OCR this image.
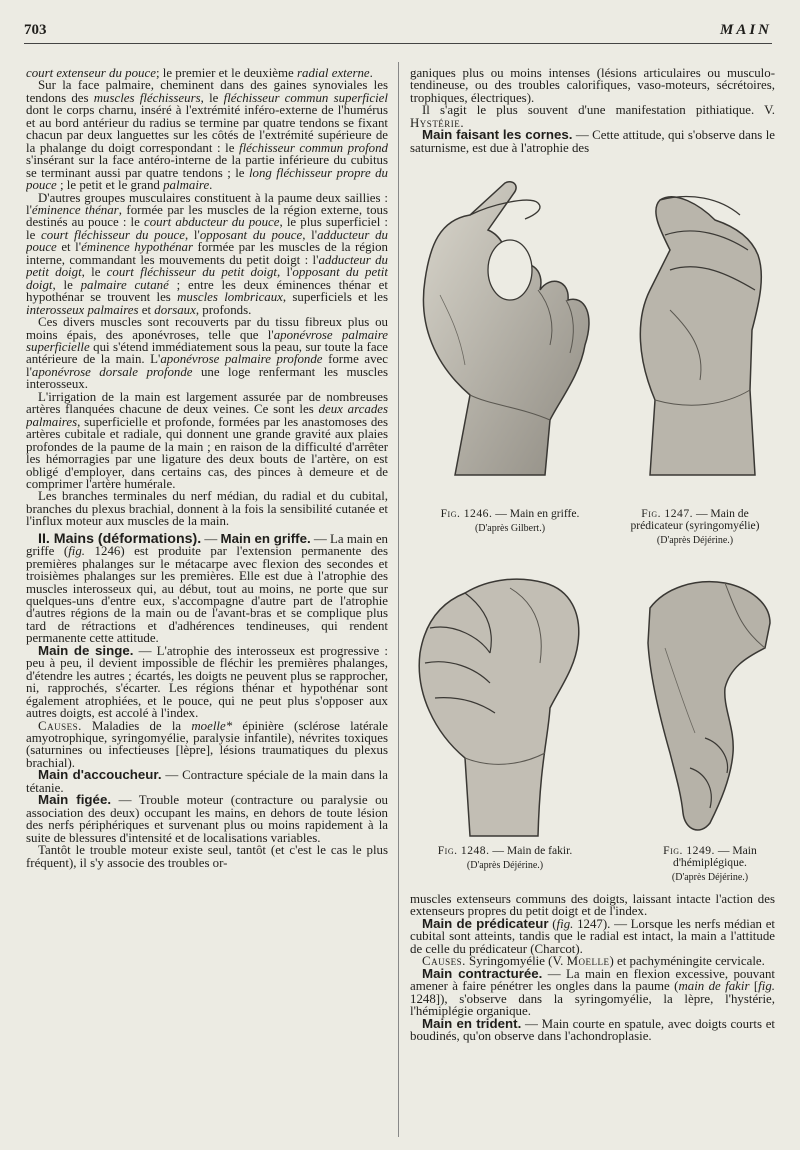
703	MAIN

court extenseur du pouce; le premier et le deuxième radial externe.

Sur la face palmaire, cheminent dans des gaines synoviales les tendons des muscles fléchisseurs, le fléchisseur commun superficiel dont le corps charnu, inséré à l'extrémité inféro-externe de l'humérus et au bord antérieur du radius se termine par quatre tendons se fixant chacun par deux languettes sur les côtés de l'extrémité supérieure de la phalange du doigt correspondant : le fléchisseur commun profond s'insérant sur la face antéro-interne de la partie inférieure du cubitus se terminant aussi par quatre tendons ; le long fléchisseur propre du pouce ; le petit et le grand palmaire.

D'autres groupes musculaires constituent à la paume deux saillies : l'éminence thénar, formée par les muscles de la région externe, tous destinés au pouce : le court abducteur du pouce, le plus superficiel : le court fléchisseur du pouce, l'opposant du pouce, l'adducteur du pouce et l'éminence hypothénar formée par les muscles de la région interne, commandant les mouvements du petit doigt : l'adducteur du petit doigt, le court fléchisseur du petit doigt, l'opposant du petit doigt, le palmaire cutané ; entre les deux éminences thénar et hypothénar se trouvent les muscles lombricaux, superficiels et les interosseux palmaires et dorsaux, profonds.

Ces divers muscles sont recouverts par du tissu fibreux plus ou moins épais, des aponévroses, telle que l'aponévrose palmaire superficielle qui s'étend immédiatement sous la peau, sur toute la face antérieure de la main. L'aponévrose palmaire profonde forme avec l'aponévrose dorsale profonde une loge renfermant les muscles interosseux.

L'irrigation de la main est largement assurée par de nombreuses artères flanquées chacune de deux veines. Ce sont les deux arcades palmaires, superficielle et profonde, formées par les anastomoses des artères cubitale et radiale, qui donnent une grande gravité aux plaies profondes de la paume de la main ; en raison de la difficulté d'arrêter les hémorragies par une ligature des deux bouts de l'artère, on est obligé d'employer, dans certains cas, des pinces à demeure et de comprimer l'artère humérale.

Les branches terminales du nerf médian, du radial et du cubital, branches du plexus brachial, donnent à la fois la sensibilité cutanée et l'influx moteur aux muscles de la main.

II. Mains (déformations). — Main en griffe. — La main en griffe (fig. 1246) est produite par l'extension permanente des premières phalanges sur le métacarpe avec flexion des secondes et troisièmes phalanges sur les premières. Elle est due à l'atrophie des muscles interosseux qui, au début, tout au moins, ne porte que sur quelques-uns d'entre eux, s'accompagne d'autre part de l'atrophie d'autres régions de la main ou de l'avant-bras et se complique plus tard de rétractions et d'adhérences tendineuses, qui rendent permanente cette attitude.

Main de singe. — L'atrophie des interosseux est progressive : peu à peu, il devient impossible de fléchir les premières phalanges, d'étendre les autres ; écartés, les doigts ne peuvent plus se rapprocher, ni, rapprochés, s'écarter. Les régions thénar et hypothénar sont également atrophiées, et le pouce, qui ne peut plus s'opposer aux autres doigts, est accolé à l'index.

Causes. Maladies de la moelle* épinière (sclérose latérale amyotrophique, syringomyélie, paralysie infantile), névrites toxiques (saturnines ou infectieuses [lèpre], lésions traumatiques du plexus brachial).

Main d'accoucheur. — Contracture spéciale de la main dans la tétanie.

Main figée. — Trouble moteur (contracture ou paralysie ou association des deux) occupant les mains, en dehors de toute lésion des nerfs périphériques et survenant plus ou moins rapidement à la suite de blessures d'intensité et de localisations variables.

Tantôt le trouble moteur existe seul, tantôt (et c'est le cas le plus fréquent), il s'y associe des troubles or-

ganiques plus ou moins intenses (lésions articulaires ou musculo-tendineuse, ou des troubles calorifiques, vaso-moteurs, sécrétoires, trophiques, électriques).

Il s'agit le plus souvent d'une manifestation pithiatique. V. Hystérie.

Main faisant les cornes. — Cette attitude, qui s'observe dans le saturnisme, est due à l'atrophie des

Fig. 1246. — Main en griffe.
(D'après Gilbert.)
Fig. 1247. — Main de prédicateur (syringomyélie)
(D'après Déjérine.)
Fig. 1248. — Main de fakir.
(D'après Déjérine.)
Fig. 1249. — Main d'hémiplégique.
(D'après Déjérine.)

muscles extenseurs communs des doigts, laissant intacte l'action des extenseurs propres du petit doigt et de l'index.

Main de prédicateur (fig. 1247). — Lorsque les nerfs médian et cubital sont atteints, tandis que le radial est intact, la main a l'attitude de celle du prédicateur (Charcot).

Causes. Syringomyélie (V. Moelle) et pachyméningite cervicale.

Main contracturée. — La main en flexion excessive, pouvant amener à faire pénétrer les ongles dans la paume (main de fakir [fig. 1248]), s'observe dans la syringomyélie, la lèpre, l'hystérie, l'hémiplégie organique.

Main en trident. — Main courte en spatule, avec doigts courts et boudinés, qu'on observe dans l'achondroplasie.
